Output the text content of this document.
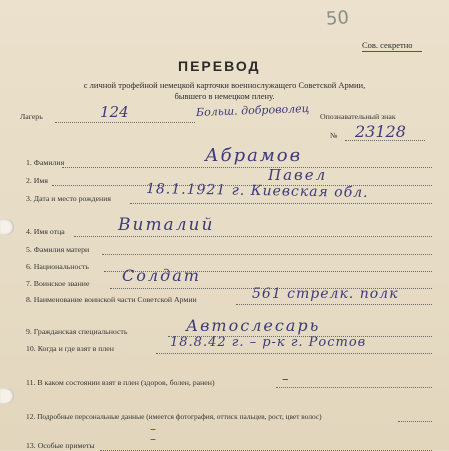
50
Сов. секретно
ПЕРЕВОД
с личной трофейной немецкой карточки военнослужащего Советской Армии,
бывшего в немецком плену.
Лагерь	124	Больш. доброволец Опознавательный знак
№ 23128
1. Фамилия	Абрамов
2. Имя	Павел
3. Дата и место рождения 18.1.1921 г. Киевская обл.
4. Имя отца	Виталий
5. Фамилия матери
6. Национальность
7. Воинское звание Солдат
8. Наименование воинской части Советской Армии	561 стрелк. полк
9. Гражданская специальность	Автослесарь
10. Когда и где взят в плен	18.8.42 г. – р-к г. Ростов
11. В каком состоянии взят в плен (здоров, болен, ранен)	–
12. Подробные персональные данные (имеется фотография, оттиск пальцев, рост, цвет волос)
–
13. Особые приметы	–
